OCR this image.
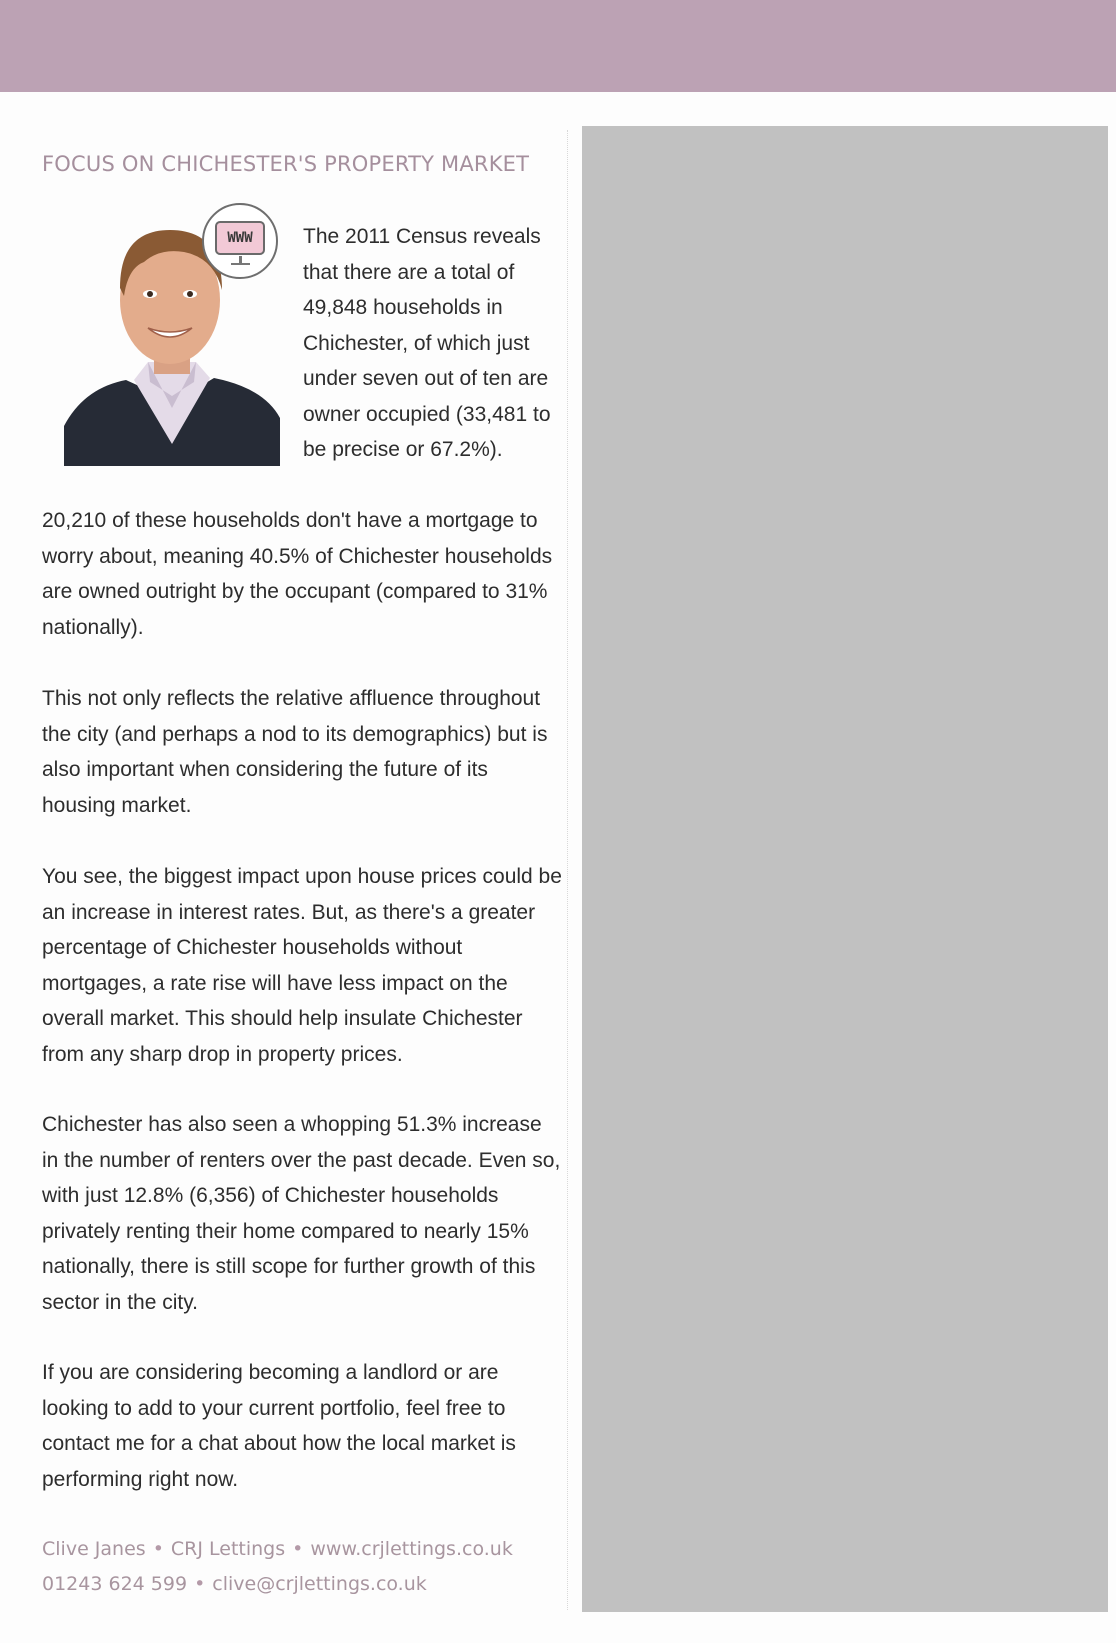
FOCUS ON CHICHESTER'S PROPERTY MARKET
WWW	The 2011 Census reveals that there are a total of 49,848 households in Chichester, of which just under seven out of ten are owner occupied (33,481 to be precise or 67.2%).

20,210 of these households don't have a mortgage to worry about, meaning 40.5% of Chichester households are owned outright by the occupant (compared to 31% nationally).

This not only reflects the relative affluence throughout the city (and perhaps a nod to its demographics) but is also important when considering the future of its housing market.

You see, the biggest impact upon house prices could be an increase in interest rates. But, as there's a greater percentage of Chichester households without mortgages, a rate rise will have less impact on the overall market. This should help insulate Chichester from any sharp drop in property prices.

Chichester has also seen a whopping 51.3% increase in the number of renters over the past decade. Even so, with just 12.8% (6,356) of Chichester households privately renting their home compared to nearly 15% nationally, there is still scope for further growth of this sector in the city.

If you are considering becoming a landlord or are looking to add to your current portfolio, feel free to contact me for a chat about how the local market is performing right now.

Clive Janes • CRJ Lettings • www.crjlettings.co.uk
01243 624 599 • clive@crjlettings.co.uk
